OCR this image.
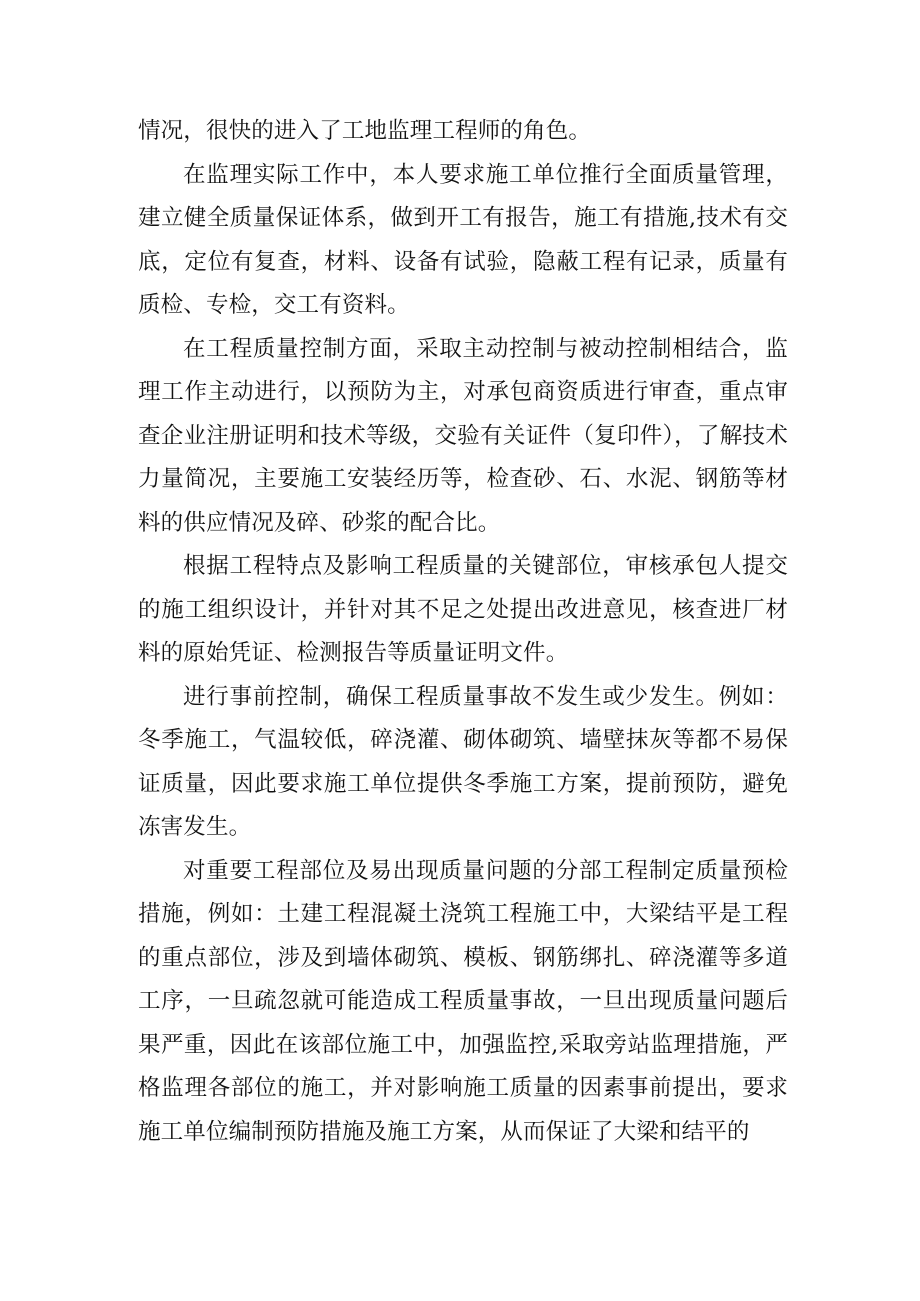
情况，很快的进入了工地监理工程师的角色。

在监理实际工作中，本人要求施工单位推行全面质量管理，建立健全质量保证体系，做到开工有报告，施工有措施,技术有交底，定位有复查，材料、设备有试验，隐蔽工程有记录，质量有质检、专检，交工有资料。

在工程质量控制方面，采取主动控制与被动控制相结合，监理工作主动进行，以预防为主，对承包商资质进行审查，重点审查企业注册证明和技术等级，交验有关证件（复印件），了解技术力量简况，主要施工安装经历等，检查砂、石、水泥、钢筋等材料的供应情况及碎、砂浆的配合比。

根据工程特点及影响工程质量的关键部位，审核承包人提交的施工组织设计，并针对其不足之处提出改进意见，核查进厂材料的原始凭证、检测报告等质量证明文件。

进行事前控制，确保工程质量事故不发生或少发生。例如：冬季施工，气温较低，碎浇灌、砌体砌筑、墙壁抹灰等都不易保证质量，因此要求施工单位提供冬季施工方案，提前预防，避免冻害发生。

对重要工程部位及易出现质量问题的分部工程制定质量预检措施，例如：土建工程混凝土浇筑工程施工中，大梁结平是工程的重点部位，涉及到墙体砌筑、模板、钢筋绑扎、碎浇灌等多道工序，一旦疏忽就可能造成工程质量事故，一旦出现质量问题后果严重，因此在该部位施工中，加强监控,采取旁站监理措施，严格监理各部位的施工，并对影响施工质量的因素事前提出，要求施工单位编制预防措施及施工方案，从而保证了大梁和结平的
